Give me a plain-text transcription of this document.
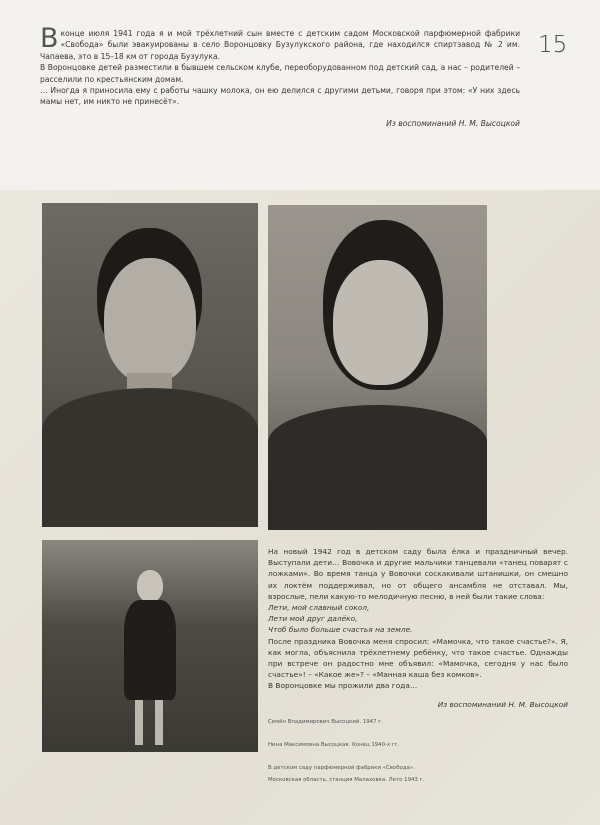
В конце июля 1941 года я и мой трёхлетний сын вместе с детским садом Московской парфюмерной фабрики «Свобода» были эвакуированы в село Воронцовку Бузулукского района, где находился спиртзавод № 2 им. Чапаева, это в 15–18 км от города Бузулука.

В Воронцовке детей разместили в бывшем сельском клубе, переоборудованном под детский сад, а нас – родителей – расселили по крестьянским домам.

… Иногда я приносила ему с работы чашку молока, он ею делился с другими детьми, говоря при этом: «У них здесь мамы нет, им никто не принесёт».

Из воспоминаний Н. М. Высоцкой

15

На новый 1942 год в детском саду была ёлка и праздничный вечер. Выступали дети… Вовочка и другие мальчики танцевали «танец поварят с ложками». Во время танца у Вовочки соскакивали штанишки, он смешно их локтём поддерживал, но от общего ансамбля не отставал. Мы, взрослые, пели какую-то мелодичную песню, в ней были такие слова:

Лети, мой славный сокол,

Лети мой друг далёко,

Чтоб было больше счастья на земле.

После праздника Вовочка меня спросил: «Мамочка, что такое счастье?». Я, как могла, объяснила трёхлетнему ребёнку, что такое счастье. Однажды при встрече он радостно мне объявил: «Мамочка, сегодня у нас было счастье»! – «Какое же»? – «Манная каша без комков».

В Воронцовке мы прожили два года…

Из воспоминаний Н. М. Высоцкой

Семён Владимирович Высоцкий. 1947 г.
Нина Максимовна Высоцкая. Конец 1940-х гг.
В детском саду парфюмерной фабрики «Свобода».
Московская область, станция Малаховка. Лето 1943 г.
